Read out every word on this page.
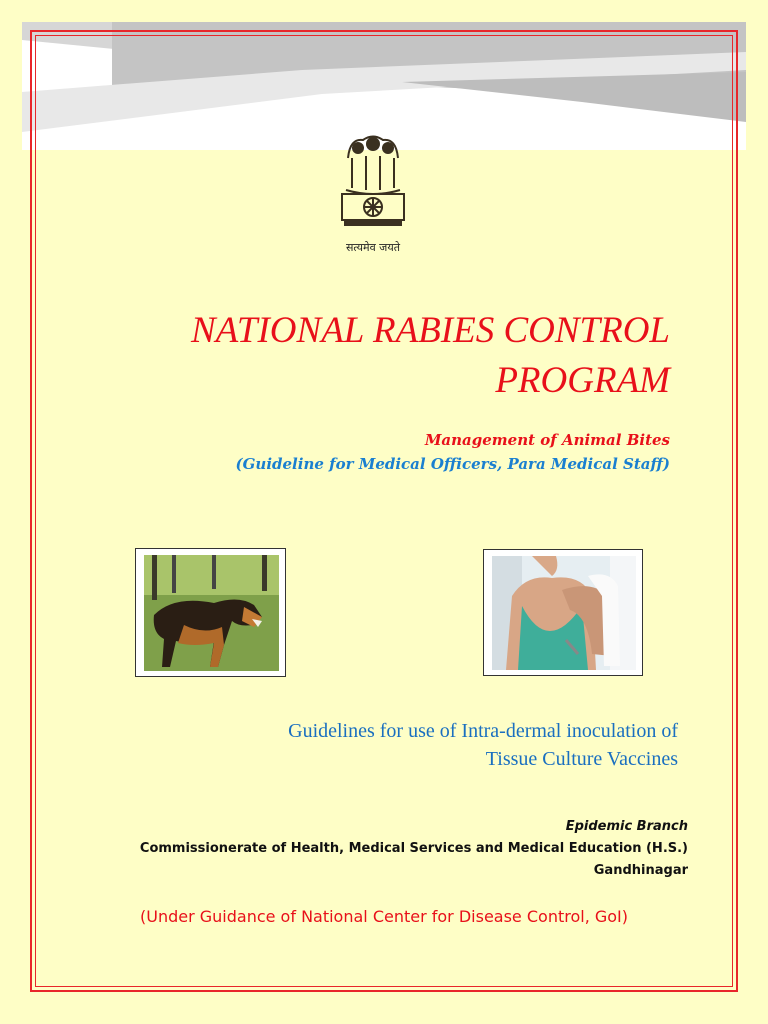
सत्यमेव जयते
NATIONAL RABIES CONTROL
PROGRAM
Management of Animal Bites
(Guideline for Medical Officers, Para Medical Staff)
Guidelines for use of Intra-dermal inoculation of
Tissue Culture Vaccines
Epidemic Branch
Commissionerate of Health, Medical Services and Medical Education (H.S.)
Gandhinagar
(Under Guidance of National Center for Disease Control, GoI)
